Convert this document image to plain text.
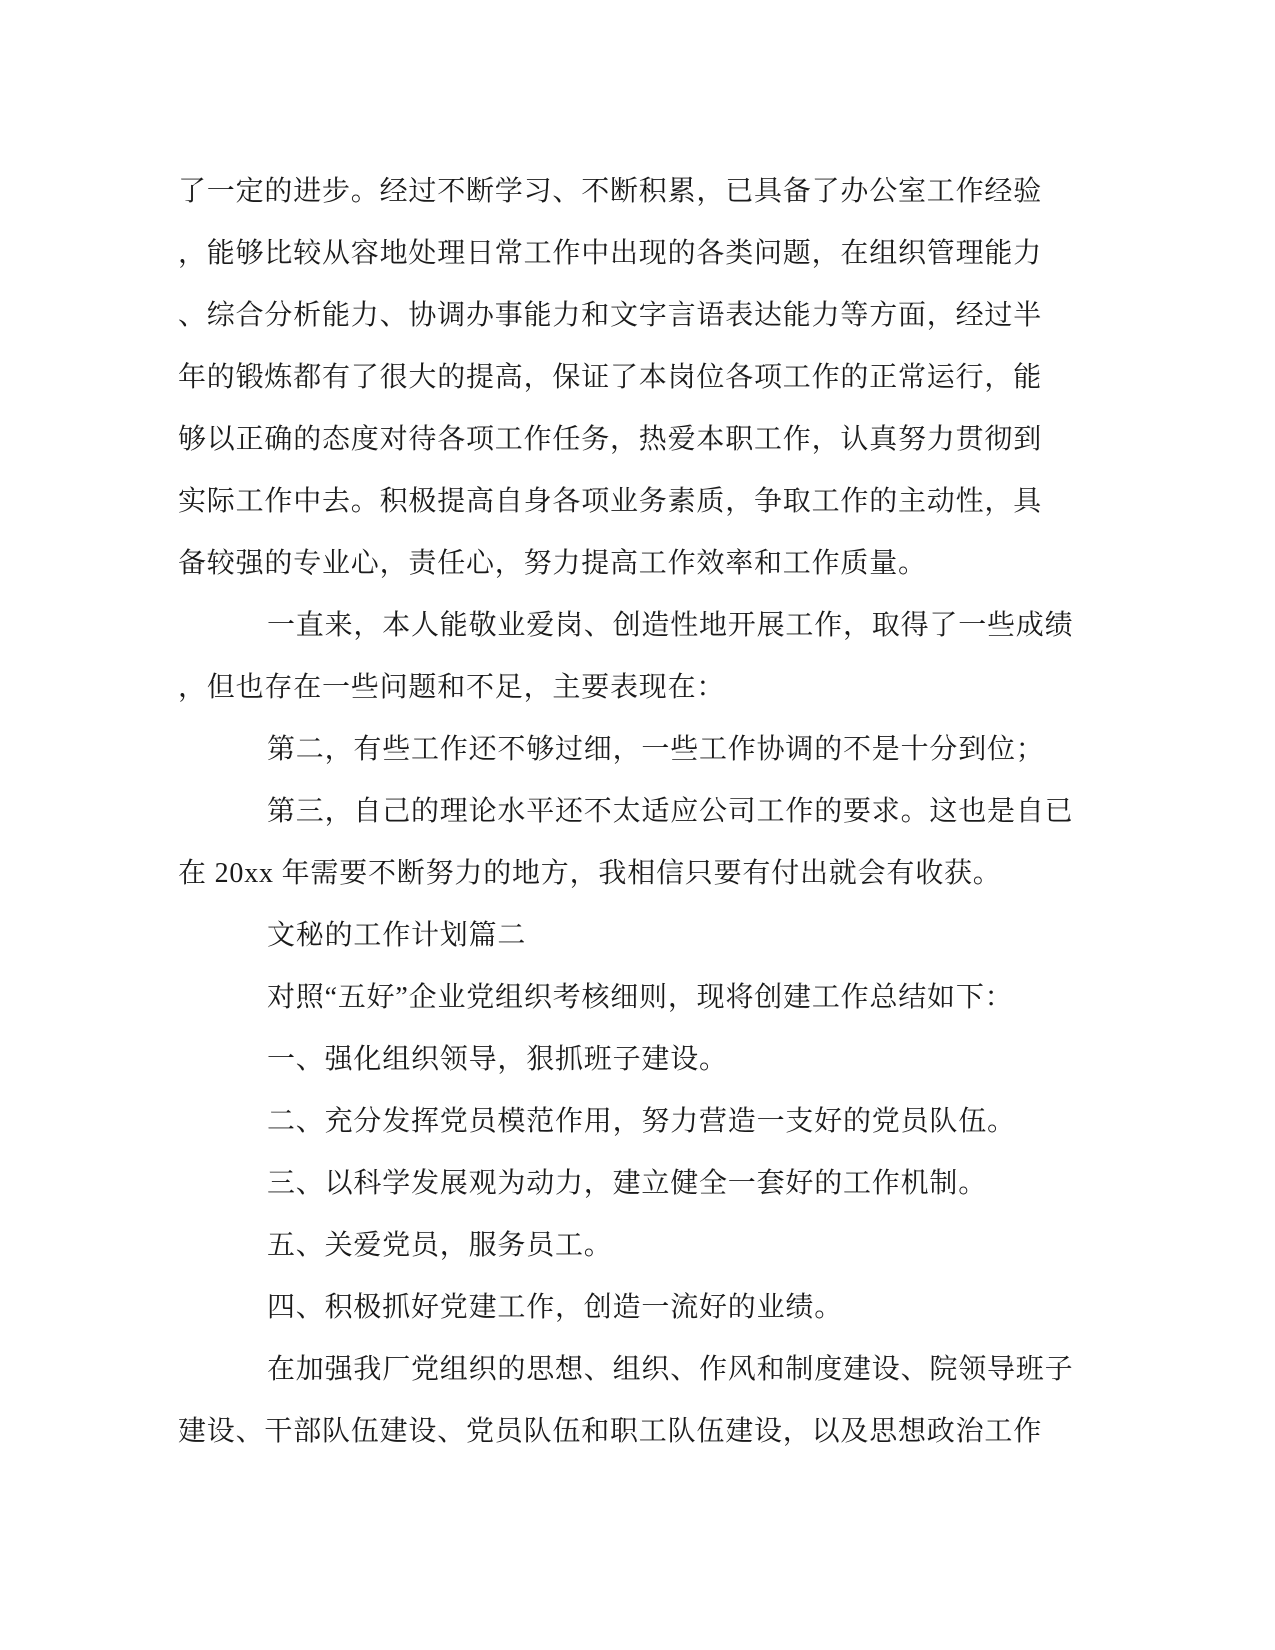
了一定的进步。经过不断学习、不断积累，已具备了办公室工作经验
，能够比较从容地处理日常工作中出现的各类问题，在组织管理能力
、综合分析能力、协调办事能力和文字言语表达能力等方面，经过半
年的锻炼都有了很大的提高，保证了本岗位各项工作的正常运行，能
够以正确的态度对待各项工作任务，热爱本职工作，认真努力贯彻到
实际工作中去。积极提高自身各项业务素质，争取工作的主动性，具
备较强的专业心，责任心，努力提高工作效率和工作质量。
一直来，本人能敬业爱岗、创造性地开展工作，取得了一些成绩
，但也存在一些问题和不足，主要表现在：
第二，有些工作还不够过细，一些工作协调的不是十分到位；
第三，自己的理论水平还不太适应公司工作的要求。这也是自已
在 20xx 年需要不断努力的地方，我相信只要有付出就会有收获。
文秘的工作计划篇二
对照“五好”企业党组织考核细则，现将创建工作总结如下：
一、强化组织领导，狠抓班子建设。
二、充分发挥党员模范作用，努力营造一支好的党员队伍。
三、以科学发展观为动力，建立健全一套好的工作机制。
五、关爱党员，服务员工。
四、积极抓好党建工作，创造一流好的业绩。
在加强我厂党组织的思想、组织、作风和制度建设、院领导班子
建设、干部队伍建设、党员队伍和职工队伍建设，以及思想政治工作
